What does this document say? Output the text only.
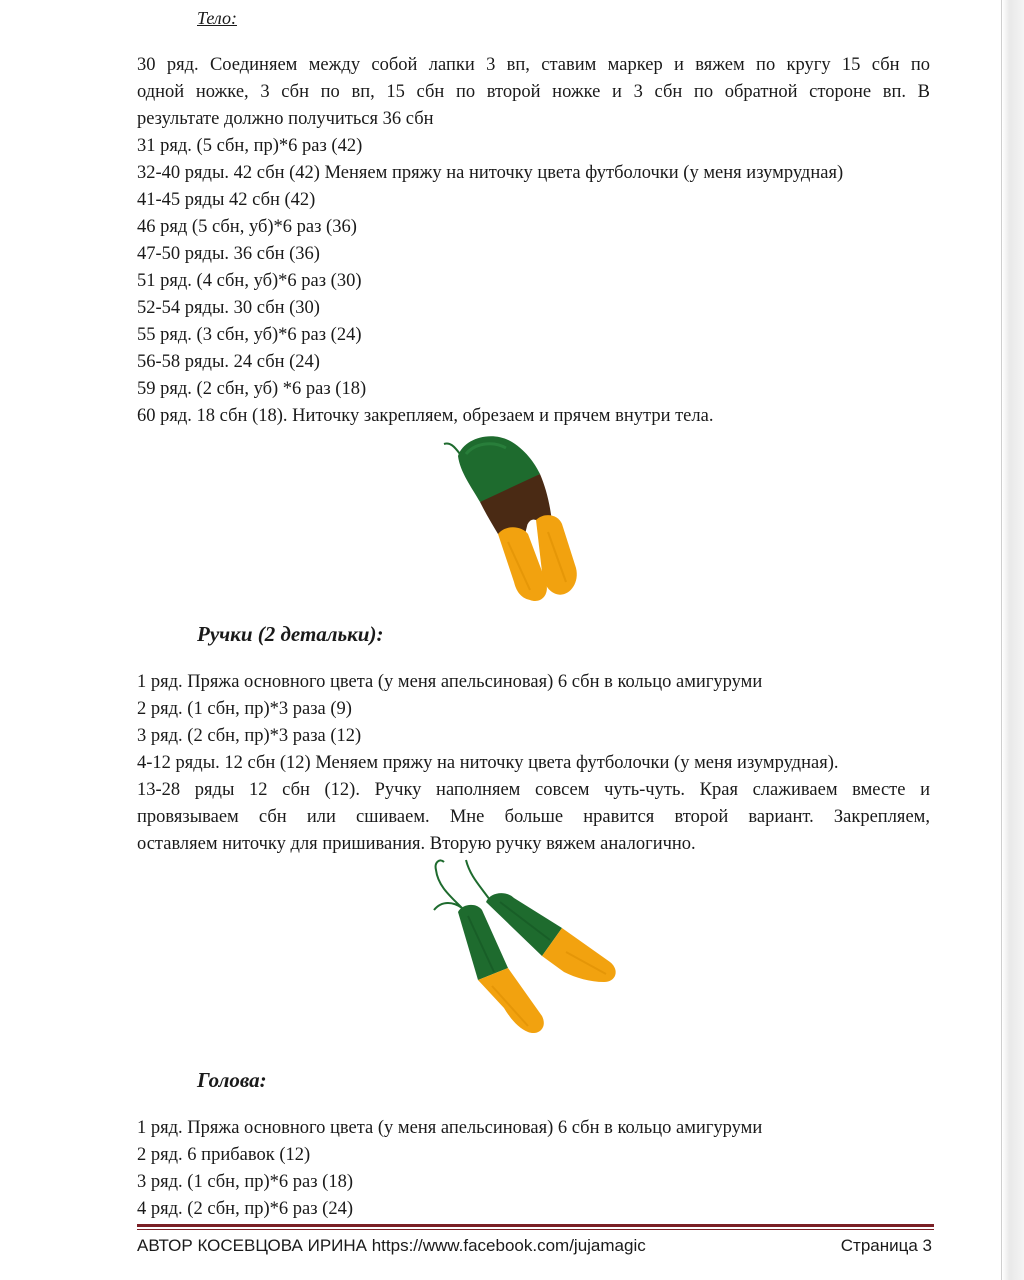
Тело:
30 ряд. Соединяем между собой лапки 3 вп, ставим маркер и вяжем по кругу 15 сбн по
одной ножке, 3 сбн по вп, 15 сбн по второй ножке и 3 сбн по обратной стороне вп. В
результате должно получиться 36 сбн
31 ряд. (5 сбн, пр)*6 раз (42)
32-40 ряды. 42 сбн (42) Меняем пряжу на ниточку цвета футболочки (у меня изумрудная)
41-45 ряды 42 сбн (42)
46 ряд (5 сбн, уб)*6 раз (36)
47-50 ряды. 36 сбн (36)
51 ряд. (4 сбн, уб)*6 раз (30)
52-54 ряды. 30 сбн (30)
55 ряд. (3 сбн, уб)*6 раз (24)
56-58 ряды. 24 сбн (24)
59 ряд. (2 сбн, уб) *6 раз (18)
60 ряд. 18 сбн (18). Ниточку закрепляем, обрезаем и прячем внутри тела.
Ручки (2 детальки):
1 ряд. Пряжа основного цвета (у меня апельсиновая) 6 сбн в кольцо амигуруми
2 ряд. (1 сбн, пр)*3 раза (9)
3 ряд. (2 сбн, пр)*3 раза (12)
4-12 ряды. 12 сбн (12) Меняем пряжу на ниточку цвета футболочки (у меня изумрудная).
13-28 ряды 12 сбн (12). Ручку наполняем совсем чуть-чуть. Края слаживаем вместе и
провязываем сбн или сшиваем. Мне больше нравится второй вариант. Закрепляем,
оставляем ниточку для пришивания. Вторую ручку вяжем аналогично.
Голова:
1 ряд. Пряжа основного цвета (у меня апельсиновая) 6 сбн в кольцо амигуруми
2 ряд. 6 прибавок (12)
3 ряд. (1 сбн, пр)*6 раз (18)
4 ряд. (2 сбн, пр)*6 раз (24)
АВТОР КОСЕВЦОВА ИРИНА https://www.facebook.com/jujamagic	Страница 3
